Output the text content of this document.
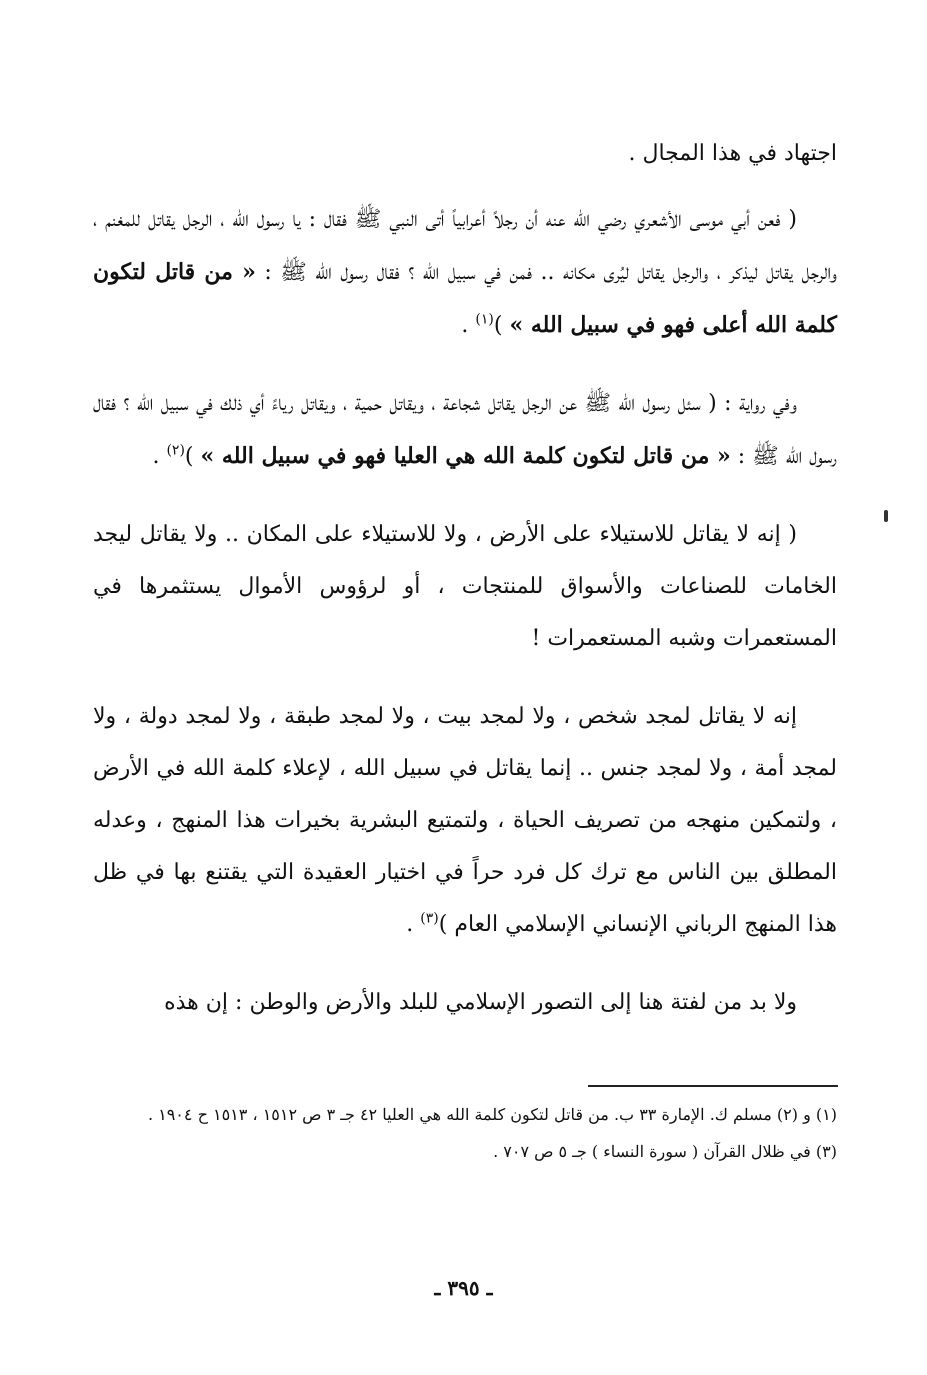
اجتهاد في هذا المجال .

( فعن أبي موسى الأشعري رضي الله عنه أن رجلاً أعرابياً أتى النبي ﷺ فقال : يا رسول الله ، الرجل يقاتل للمغنم ، والرجل يقاتل ليذكر ، والرجل يقاتل ليُرى مكانه .. فمن في سبيل الله ؟ فقال رسول الله ﷺ : « من قاتل لتكون كلمة الله أعلى فهو في سبيل الله » )$^{(١)}$ .

وفي رواية : ( سئل رسول الله ﷺ عن الرجل يقاتل شجاعة ، ويقاتل حمية ، ويقاتل رياءً أي ذلك في سبيل الله ؟ فقال رسول الله ﷺ : « من قاتل لتكون كلمة الله هي العليا فهو في سبيل الله » )$^{(٢)}$ .

( إنه لا يقاتل للاستيلاء على الأرض ، ولا للاستيلاء على المكان .. ولا يقاتل ليجد الخامات للصناعات والأسواق للمنتجات ، أو لرؤوس الأموال يستثمرها في المستعمرات وشبه المستعمرات !

إنه لا يقاتل لمجد شخص ، ولا لمجد بيت ، ولا لمجد طبقة ، ولا لمجد دولة ، ولا لمجد أمة ، ولا لمجد جنس .. إنما يقاتل في سبيل الله ، لإعلاء كلمة الله في الأرض ، ولتمكين منهجه من تصريف الحياة ، ولتمتيع البشرية بخيرات هذا المنهج ، وعدله المطلق بين الناس مع ترك كل فرد حراً في اختيار العقيدة التي يقتنع بها في ظل هذا المنهج الرباني الإنساني الإسلامي العام )$^{(٣)}$ .

ولا بد من لفتة هنا إلى التصور الإسلامي للبلد والأرض والوطن : إن هذه

(١) و (٢) مسلم ك. الإمارة ٣٣ ب. من قاتل لتكون كلمة الله هي العليا ٤٢ جـ ٣ ص ١٥١٢ ، ١٥١٣ ح ١٩٠٤ .

(٣) في ظلال القرآن ( سورة النساء ) جـ ٥ ص ٧٠٧ .

ـ ٣٩٥ ـ
